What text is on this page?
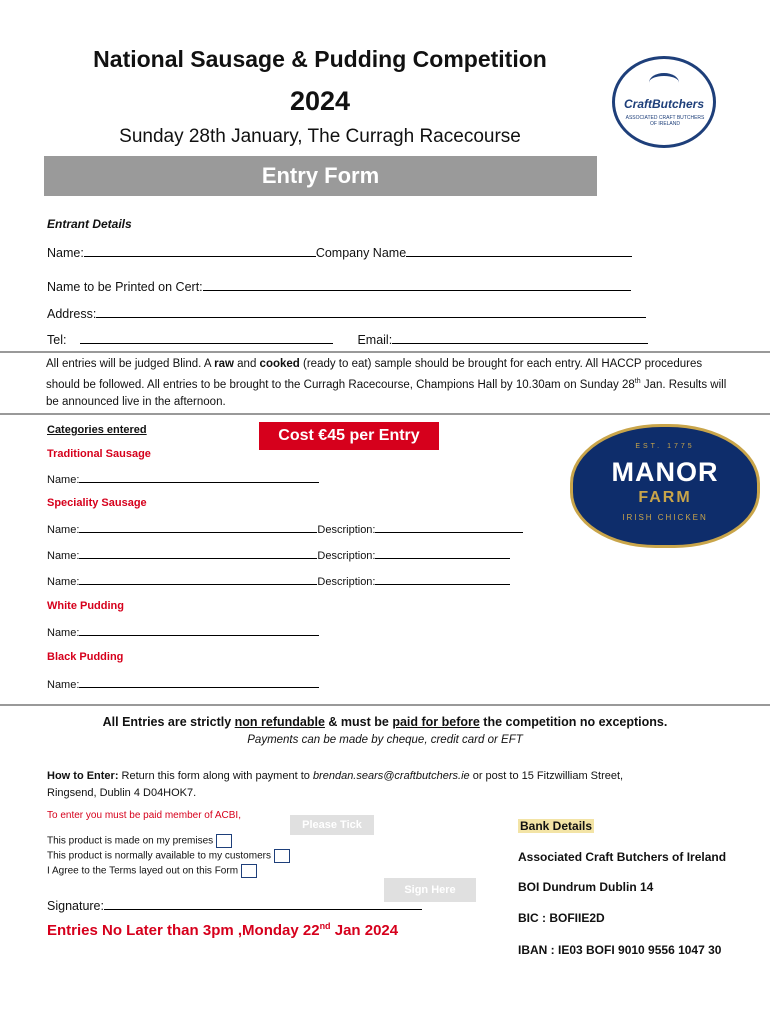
National Sausage & Pudding Competition
2024
Sunday 28th January, The Curragh Racecourse
CraftButchers
ASSOCIATED CRAFT BUTCHERS OF IRELAND
Entry Form
Entrant Details
Name:	Company Name
Name to be Printed on Cert:
Address:
Tel:	Email:
All entries will be judged Blind. A raw and cooked (ready to eat) sample should be brought for each entry. All HACCP procedures should be followed. All entries to be brought to the Curragh Racecourse, Champions Hall by 10.30am on Sunday 28th Jan. Results will be announced live in the afternoon.
Categories entered	Cost €45 per Entry
Traditional Sausage
Name:
Speciality Sausage
Name:	Description:
Name:	Description:
Name:	Description:
White Pudding
Name:
Black Pudding
Name:
EST. 1775
MANOR
FARM
IRISH CHICKEN
All Entries are strictly non refundable & must be paid for before the competition no exceptions.
Payments can be made by cheque, credit card or EFT
How to Enter: Return this form along with payment to brendan.sears@craftbutchers.ie or post to 15 Fitzwilliam Street,
Ringsend, Dublin 4 D04HOK7.
To enter you must be paid member of ACBI,
Please Tick
This product is made on my premises
This product is normally available to my customers
I Agree to the Terms layed out on this Form
Sign Here
Signature:
Entries No Later than 3pm ,Monday 22nd Jan 2024
Bank Details
Associated Craft Butchers of Ireland
BOI Dundrum Dublin 14
BIC : BOFIIE2D
IBAN : IE03 BOFI 9010 9556 1047 30
